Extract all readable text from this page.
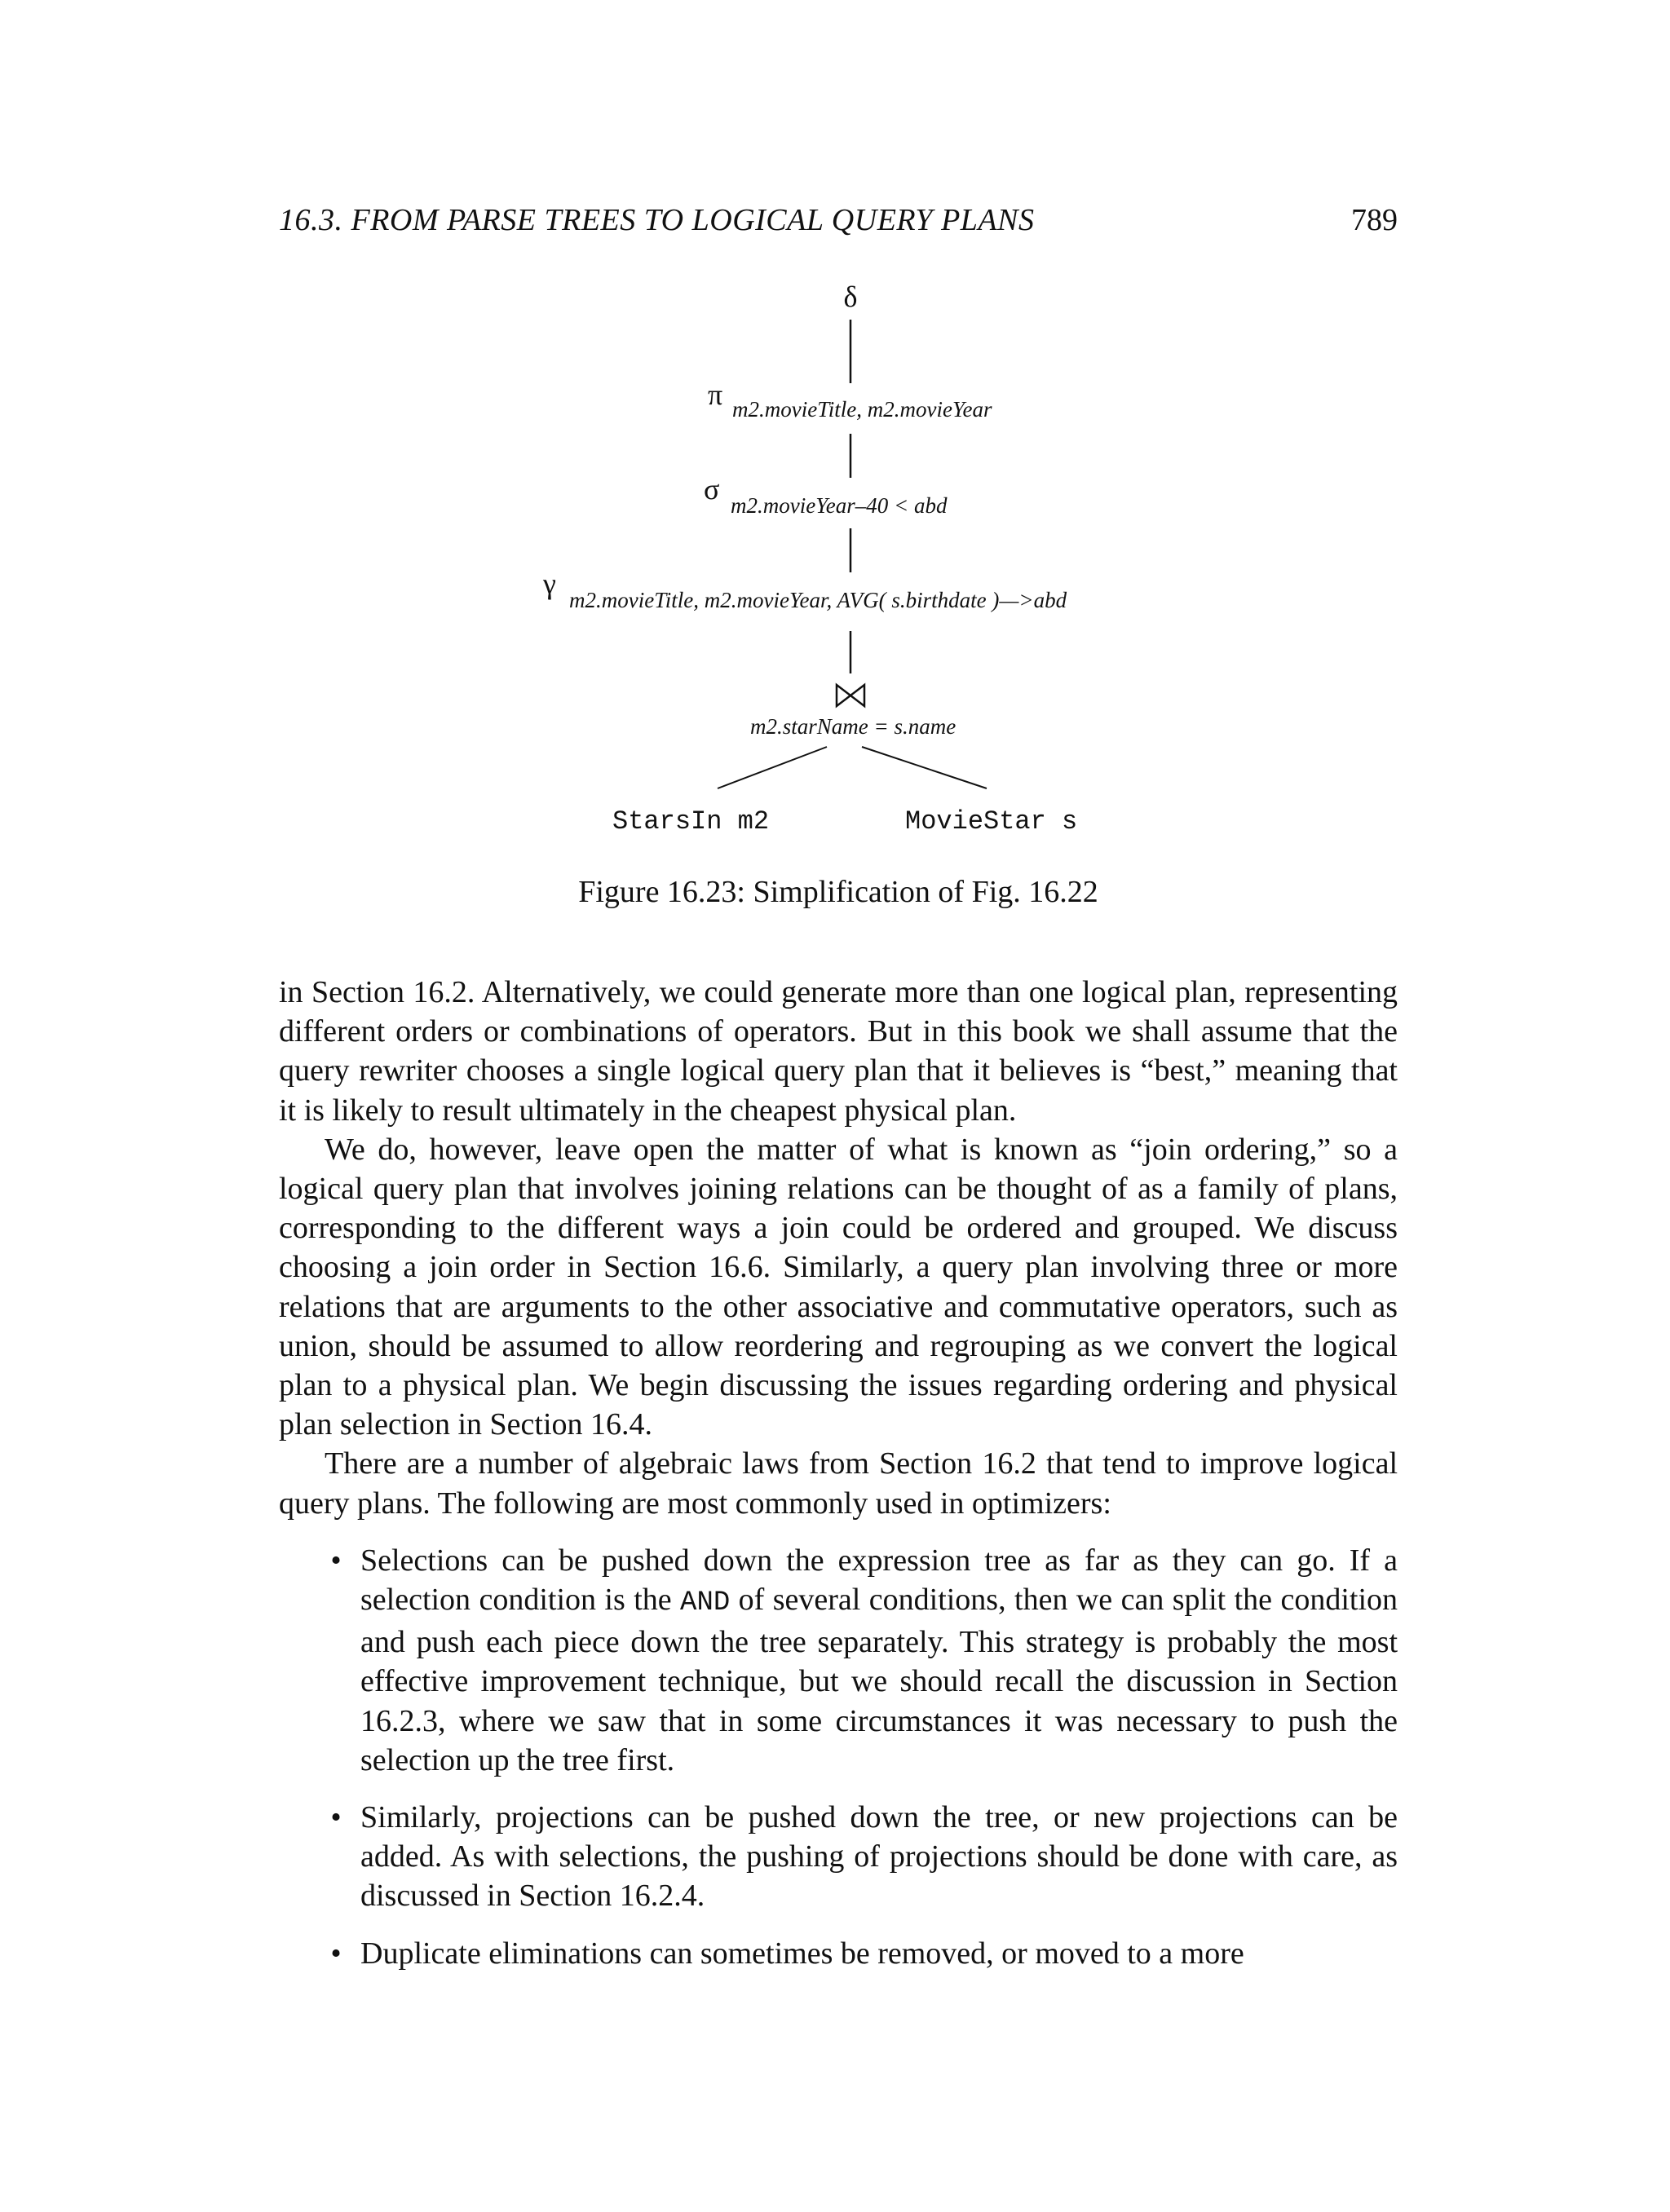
16.3. FROM PARSE TREES TO LOGICAL QUERY PLANS	789
δ
π m2.movieTitle, m2.movieYear
σ m2.movieYear–40 < abd
γ m2.movieTitle, m2.movieYear, AVG( s.birthdate )—>abd
⋈
m2.starName = s.name
StarsIn m2	MovieStar s
Figure 16.23: Simplification of Fig. 16.22

in Section 16.2. Alternatively, we could generate more than one logical plan, representing different orders or combinations of operators. But in this book we shall assume that the query rewriter chooses a single logical query plan that it believes is “best,” meaning that it is likely to result ultimately in the cheapest physical plan.

We do, however, leave open the matter of what is known as “join ordering,” so a logical query plan that involves joining relations can be thought of as a family of plans, corresponding to the different ways a join could be ordered and grouped. We discuss choosing a join order in Section 16.6. Similarly, a query plan involving three or more relations that are arguments to the other associative and commutative operators, such as union, should be assumed to allow reordering and regrouping as we convert the logical plan to a physical plan. We begin discussing the issues regarding ordering and physical plan selection in Section 16.4.

There are a number of algebraic laws from Section 16.2 that tend to improve logical query plans. The following are most commonly used in optimizers:

• Selections can be pushed down the expression tree as far as they can go. If a selection condition is the AND of several conditions, then we can split the condition and push each piece down the tree separately. This strategy is probably the most effective improvement technique, but we should recall the discussion in Section 16.2.3, where we saw that in some circumstances it was necessary to push the selection up the tree first.
• Similarly, projections can be pushed down the tree, or new projections can be added. As with selections, the pushing of projections should be done with care, as discussed in Section 16.2.4.
• Duplicate eliminations can sometimes be removed, or moved to a more
